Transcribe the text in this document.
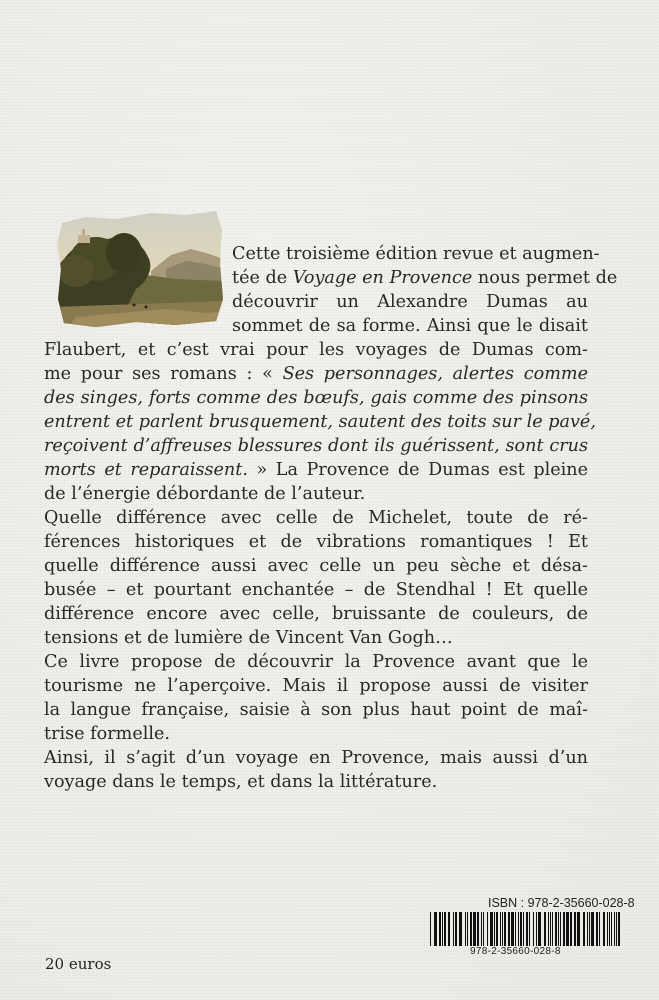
Cette troisième édition revue et augmen-
tée de Voyage en Provence nous permet de
découvrir un Alexandre Dumas au
sommet de sa forme. Ainsi que le disait
Flaubert, et c’est vrai pour les voyages de Dumas com-
me pour ses romans : « Ses personnages, alertes comme
des singes, forts comme des bœufs, gais comme des pinsons
entrent et parlent brusquement, sautent des toits sur le pavé,
reçoivent d’affreuses blessures dont ils guérissent, sont crus
morts et reparaissent. » La Provence de Dumas est pleine
de l’énergie débordante de l’auteur.
Quelle différence avec celle de Michelet, toute de ré-
férences historiques et de vibrations romantiques ! Et
quelle différence aussi avec celle un peu sèche et désa-
busée – et pourtant enchantée – de Stendhal ! Et quelle
différence encore avec celle, bruissante de couleurs, de
tensions et de lumière de Vincent Van Gogh…
Ce livre propose de découvrir la Provence avant que le
tourisme ne l’aperçoive. Mais il propose aussi de visiter
la langue française, saisie à son plus haut point de maî-
trise formelle.
Ainsi, il s’agit d’un voyage en Provence, mais aussi d’un
voyage dans le temps, et dans la littérature.

ISBN : 978-2-35660-028-8

978-2-35660-028-8

20 euros
